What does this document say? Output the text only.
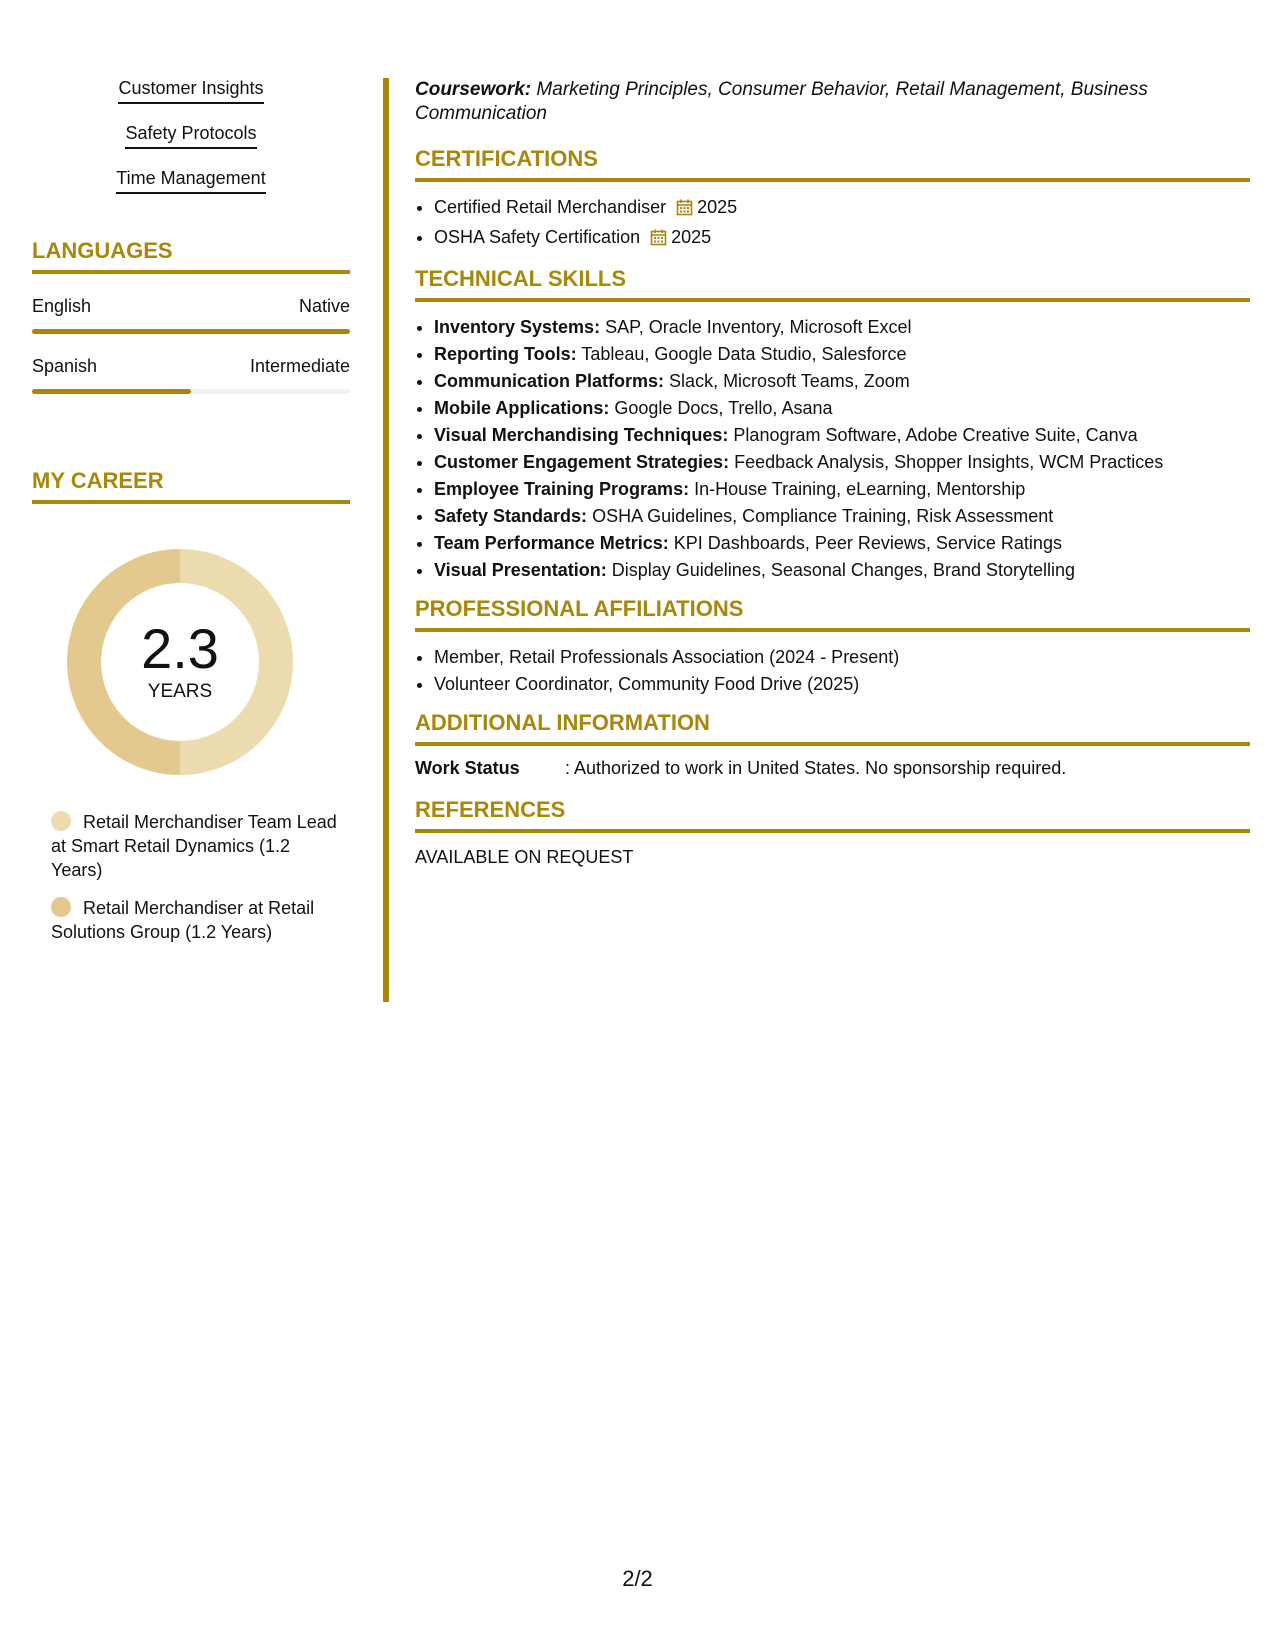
Customer Insights
Safety Protocols
Time Management
LANGUAGES
English	Native
Spanish	Intermediate
MY CAREER
2.3
YEARS
Retail Merchandiser Team Lead at Smart Retail Dynamics (1.2 Years)
Retail Merchandiser at Retail Solutions Group (1.2 Years)

Coursework: Marketing Principles, Consumer Behavior, Retail Management, Business Communication

CERTIFICATIONS
• Certified Retail Merchandiser 2025
• OSHA Safety Certification 2025
TECHNICAL SKILLS
• Inventory Systems: SAP, Oracle Inventory, Microsoft Excel
• Reporting Tools: Tableau, Google Data Studio, Salesforce
• Communication Platforms: Slack, Microsoft Teams, Zoom
• Mobile Applications: Google Docs, Trello, Asana
• Visual Merchandising Techniques: Planogram Software, Adobe Creative Suite, Canva
• Customer Engagement Strategies: Feedback Analysis, Shopper Insights, WCM Practices
• Employee Training Programs: In-House Training, eLearning, Mentorship
• Safety Standards: OSHA Guidelines, Compliance Training, Risk Assessment
• Team Performance Metrics: KPI Dashboards, Peer Reviews, Service Ratings
• Visual Presentation: Display Guidelines, Seasonal Changes, Brand Storytelling
PROFESSIONAL AFFILIATIONS
• Member, Retail Professionals Association (2024 - Present)
• Volunteer Coordinator, Community Food Drive (2025)
ADDITIONAL INFORMATION
Work Status	: Authorized to work in United States. No sponsorship required.
REFERENCES
AVAILABLE ON REQUEST
2/2
